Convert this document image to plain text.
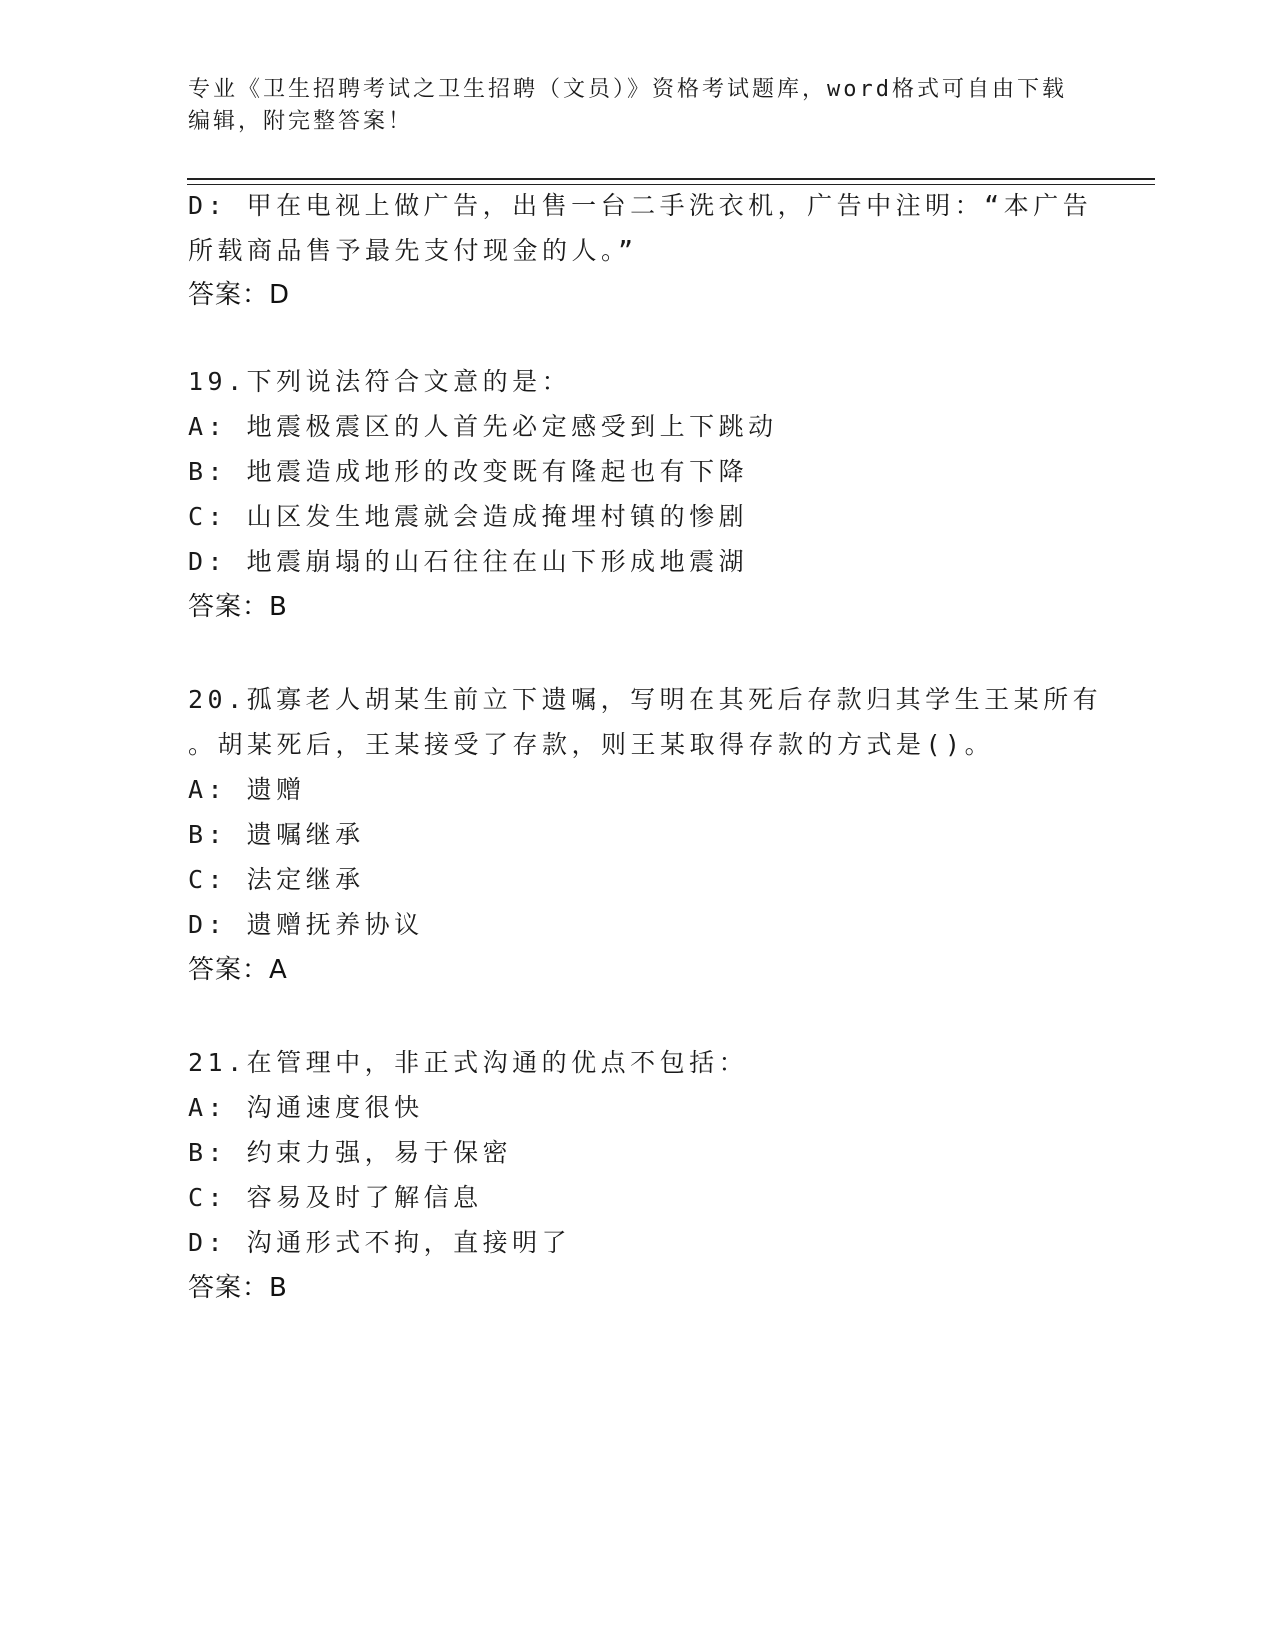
专业《卫生招聘考试之卫生招聘（文员）》资格考试题库，word格式可自由下载
编辑，附完整答案！
D: 甲在电视上做广告，出售一台二手洗衣机，广告中注明：“本广告
所载商品售予最先支付现金的人。”
答案：D
19.下列说法符合文意的是：
A: 地震极震区的人首先必定感受到上下跳动
B: 地震造成地形的改变既有隆起也有下降
C: 山区发生地震就会造成掩埋村镇的惨剧
D: 地震崩塌的山石往往在山下形成地震湖
答案：B
20.孤寡老人胡某生前立下遗嘱，写明在其死后存款归其学生王某所有
。胡某死后，王某接受了存款，则王某取得存款的方式是()。
A: 遗赠
B: 遗嘱继承
C: 法定继承
D: 遗赠抚养协议
答案：A
21.在管理中，非正式沟通的优点不包括：
A: 沟通速度很快
B: 约束力强，易于保密
C: 容易及时了解信息
D: 沟通形式不拘，直接明了
答案：B
